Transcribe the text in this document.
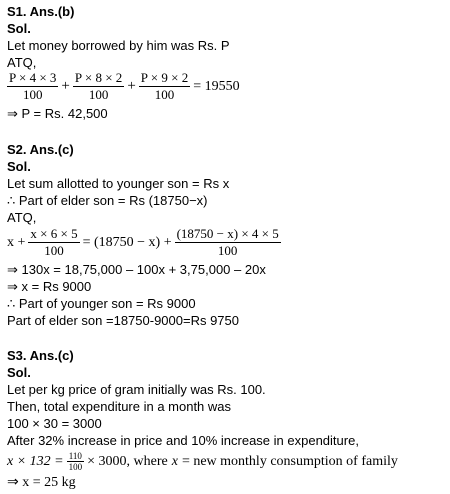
S1. Ans.(b)
Sol.
Let money borrowed by him was Rs. P
ATQ,
$\frac{P \times 4 \times 3}{100} + \frac{P \times 8 \times 2}{100} + \frac{P \times 9 \times 2}{100} = 19550$
⇒ P = Rs. 42,500
S2. Ans.(c)
Sol.
Let sum allotted to younger son = Rs x
∴ Part of elder son = Rs (18750−x)
ATQ,
$x + \frac{x \times 6 \times 5}{100} = (18750 - x) + \frac{(18750 - x) \times 4 \times 5}{100}$
⇒ 130x = 18,75,000 – 100x + 3,75,000 – 20x
⇒ x = Rs 9000
∴ Part of younger son = Rs 9000
Part of elder son =18750-9000=Rs 9750
S3. Ans.(c)
Sol.
Let per kg price of gram initially was Rs. 100.
Then, total expenditure in a month was
100 × 30 = 3000
After 32% increase in price and 10% increase in expenditure,
$x \times 132 = \frac{110}{100} \times 3000$, where x = new monthly consumption of family
⇒ x = 25 kg
